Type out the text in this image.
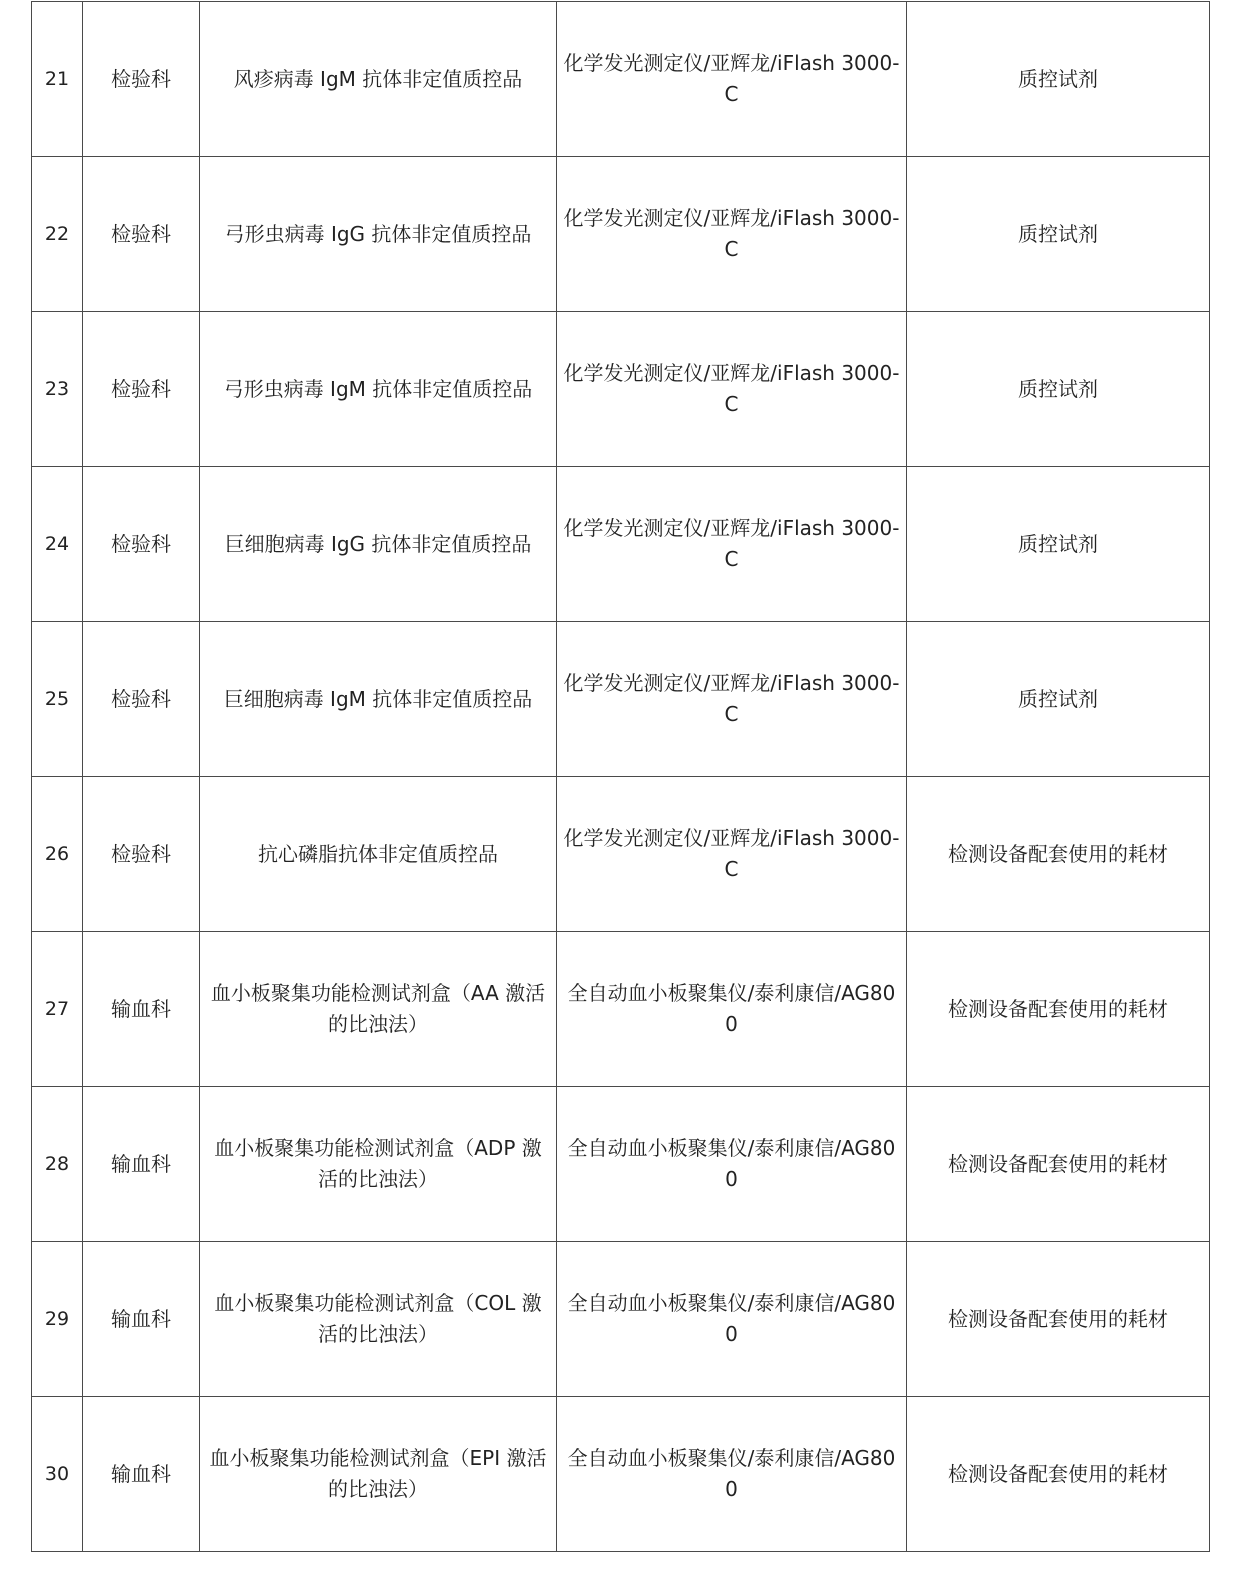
21	检验科	风疹病毒 IgM 抗体非定值质控品	化学发光测定仪/亚辉龙/iFlash 3000-C	质控试剂
22	检验科	弓形虫病毒 IgG 抗体非定值质控品	化学发光测定仪/亚辉龙/iFlash 3000-C	质控试剂
23	检验科	弓形虫病毒 IgM 抗体非定值质控品	化学发光测定仪/亚辉龙/iFlash 3000-C	质控试剂
24	检验科	巨细胞病毒 IgG 抗体非定值质控品	化学发光测定仪/亚辉龙/iFlash 3000-C	质控试剂
25	检验科	巨细胞病毒 IgM 抗体非定值质控品	化学发光测定仪/亚辉龙/iFlash 3000-C	质控试剂
26	检验科	抗心磷脂抗体非定值质控品	化学发光测定仪/亚辉龙/iFlash 3000-C	检测设备配套使用的耗材
27	输血科	血小板聚集功能检测试剂盒（AA 激活的比浊法）	全自动血小板聚集仪/泰利康信/AG800	检测设备配套使用的耗材
28	输血科	血小板聚集功能检测试剂盒（ADP 激活的比浊法）	全自动血小板聚集仪/泰利康信/AG800	检测设备配套使用的耗材
29	输血科	血小板聚集功能检测试剂盒（COL 激活的比浊法）	全自动血小板聚集仪/泰利康信/AG800	检测设备配套使用的耗材
30	输血科	血小板聚集功能检测试剂盒（EPI 激活的比浊法）	全自动血小板聚集仪/泰利康信/AG800	检测设备配套使用的耗材
